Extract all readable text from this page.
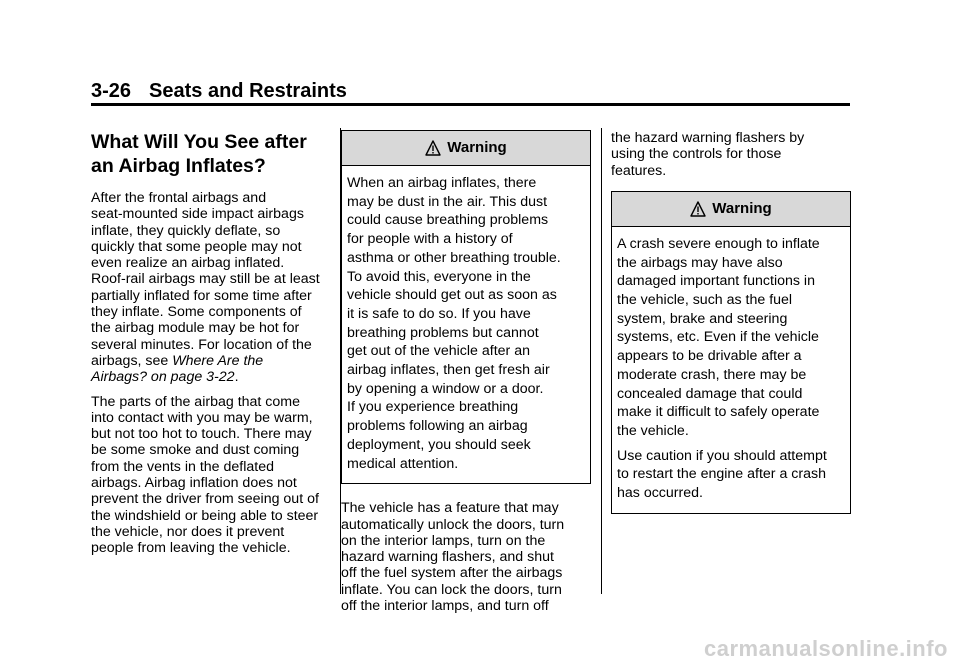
3-26 Seats and Restraints
What Will You See after
an Airbag Inflates?

After the frontal airbags and
seat-mounted side impact airbags
inflate, they quickly deflate, so
quickly that some people may not
even realize an airbag inflated.
Roof-rail airbags may still be at least
partially inflated for some time after
they inflate. Some components of
the airbag module may be hot for
several minutes. For location of the
airbags, see Where Are the
Airbags? on page 3-22.

The parts of the airbag that come
into contact with you may be warm,
but not too hot to touch. There may
be some smoke and dust coming
from the vents in the deflated
airbags. Airbag inflation does not
prevent the driver from seeing out of
the windshield or being able to steer
the vehicle, nor does it prevent
people from leaving the vehicle.

Warning

When an airbag inflates, there
may be dust in the air. This dust
could cause breathing problems
for people with a history of
asthma or other breathing trouble.
To avoid this, everyone in the
vehicle should get out as soon as
it is safe to do so. If you have
breathing problems but cannot
get out of the vehicle after an
airbag inflates, then get fresh air
by opening a window or a door.
If you experience breathing
problems following an airbag
deployment, you should seek
medical attention.

The vehicle has a feature that may
automatically unlock the doors, turn
on the interior lamps, turn on the
hazard warning flashers, and shut
off the fuel system after the airbags
inflate. You can lock the doors, turn
off the interior lamps, and turn off

the hazard warning flashers by
using the controls for those
features.

Warning

A crash severe enough to inflate
the airbags may have also
damaged important functions in
the vehicle, such as the fuel
system, brake and steering
systems, etc. Even if the vehicle
appears to be drivable after a
moderate crash, there may be
concealed damage that could
make it difficult to safely operate
the vehicle.

Use caution if you should attempt
to restart the engine after a crash
has occurred.

carmanualsonline.info
